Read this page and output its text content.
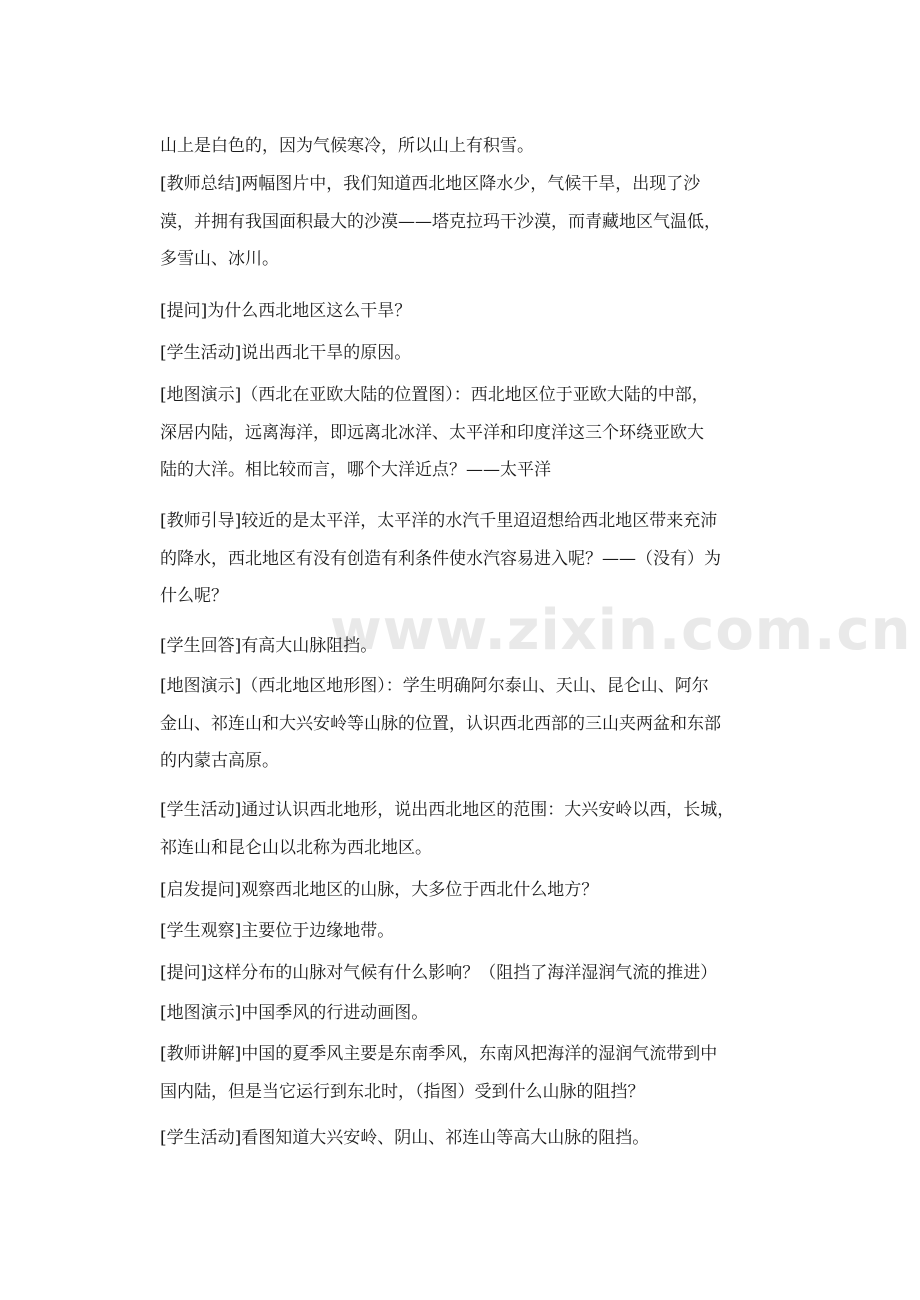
www.zixin.com.cn
山上是白色的，因为气候寒冷，所以山上有积雪。
[教师总结]两幅图片中，我们知道西北地区降水少，气候干旱，出现了沙
漠，并拥有我国面积最大的沙漠——塔克拉玛干沙漠，而青藏地区气温低，
多雪山、冰川。
[提问]为什么西北地区这么干旱？
[学生活动]说出西北干旱的原因。
[地图演示]（西北在亚欧大陆的位置图）：西北地区位于亚欧大陆的中部，
深居内陆，远离海洋，即远离北冰洋、太平洋和印度洋这三个环绕亚欧大
陆的大洋。相比较而言，哪个大洋近点？——太平洋
[教师引导]较近的是太平洋，太平洋的水汽千里迢迢想给西北地区带来充沛
的降水，西北地区有没有创造有利条件使水汽容易进入呢？——（没有）为
什么呢？
[学生回答]有高大山脉阻挡。
[地图演示]（西北地区地形图）：学生明确阿尔泰山、天山、昆仑山、阿尔
金山、祁连山和大兴安岭等山脉的位置，认识西北西部的三山夹两盆和东部
的内蒙古高原。
[学生活动]通过认识西北地形，说出西北地区的范围：大兴安岭以西，长城，
祁连山和昆仑山以北称为西北地区。
[启发提问]观察西北地区的山脉，大多位于西北什么地方？
[学生观察]主要位于边缘地带。
[提问]这样分布的山脉对气候有什么影响？（阻挡了海洋湿润气流的推进）
[地图演示]中国季风的行进动画图。
[教师讲解]中国的夏季风主要是东南季风，东南风把海洋的湿润气流带到中
国内陆，但是当它运行到东北时，（指图）受到什么山脉的阻挡？
[学生活动]看图知道大兴安岭、阴山、祁连山等高大山脉的阻挡。
